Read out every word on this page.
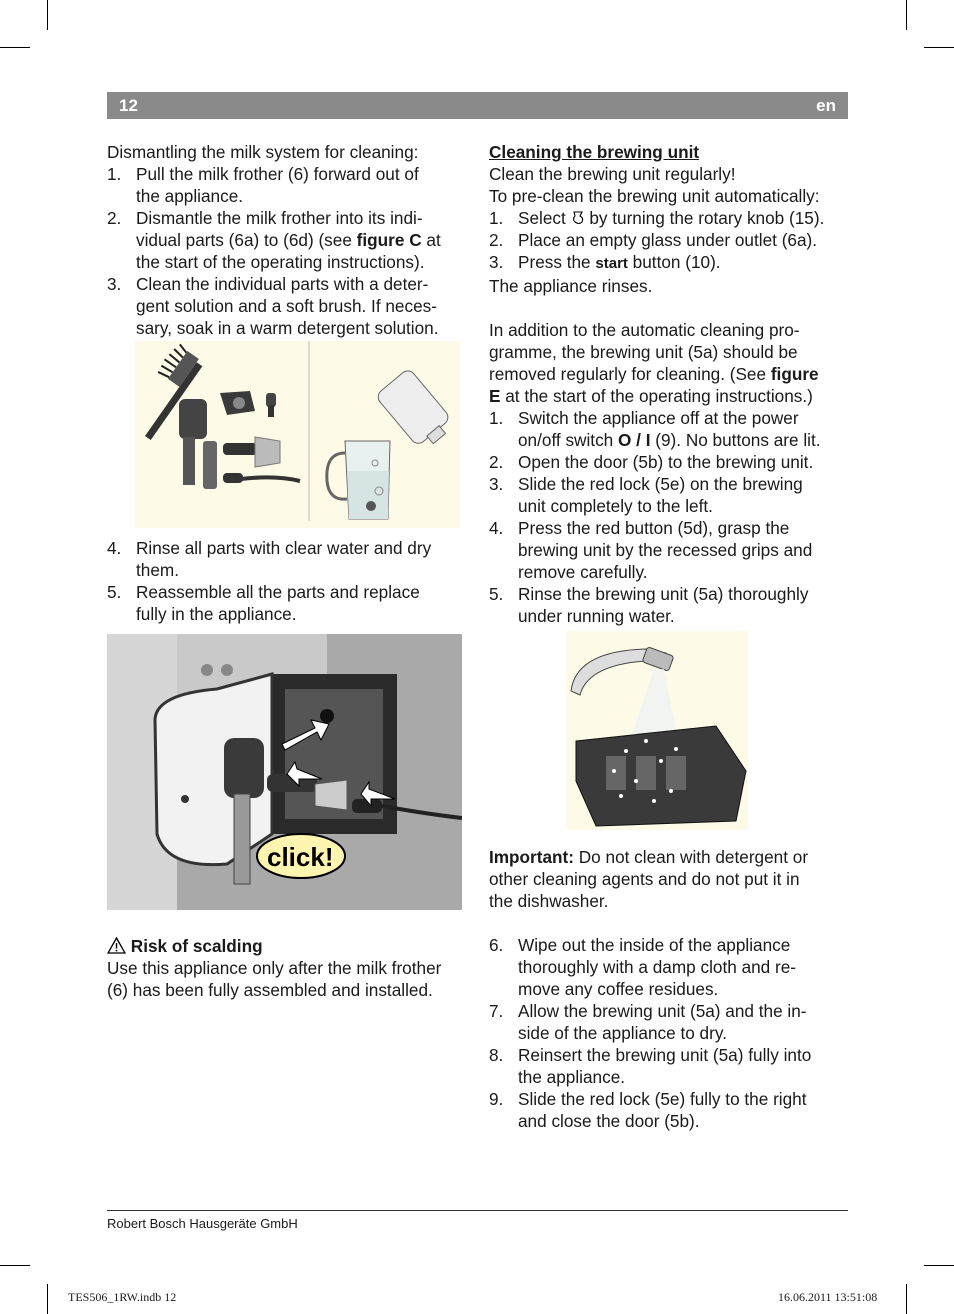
12	en

Dismantling the milk system for cleaning:

1. Pull the milk frother (6) forward out of
the appliance.
2. Dismantle the milk frother into its indi-
vidual parts (6a) to (6d) (see figure C at
the start of the operating instructions).
3. Clean the individual parts with a deter-
gent solution and a soft brush. If neces-
sary, soak in a warm detergent solution.
4. Rinse all parts with clear water and dry
them.
5. Reassemble all the parts and replace
fully in the appliance.
click!

Risk of scalding

Use this appliance only after the milk frother

(6) has been fully assembled and installed.

Cleaning the brewing unit

Clean the brewing unit regularly!

To pre-clean the brewing unit automatically:

1. Select  by turning the rotary knob (15).
2. Place an empty glass under outlet (6a).
3. Press the start button (10).

The appliance rinses.

In addition to the automatic cleaning pro-

gramme, the brewing unit (5a) should be

removed regularly for cleaning. (See figure

E at the start of the operating instructions.)

1. Switch the appliance off at the power
on/off switch O / I (9). No buttons are lit.
2. Open the door (5b) to the brewing unit.
3. Slide the red lock (5e) on the brewing
unit completely to the left.
4. Press the red button (5d), grasp the
brewing unit by the recessed grips and
remove carefully.
5. Rinse the brewing unit (5a) thoroughly
under running water.

Important: Do not clean with detergent or

other cleaning agents and do not put it in

the dishwasher.

6. Wipe out the inside of the appliance
thoroughly with a damp cloth and re-
move any coffee residues.
7. Allow the brewing unit (5a) and the in-
side of the appliance to dry.
8. Reinsert the brewing unit (5a) fully into
the appliance.
9. Slide the red lock (5e) fully to the right
and close the door (5b).
Robert Bosch Hausgeräte GmbH
TES506_1RW.indb 12	16.06.2011 13:51:08
